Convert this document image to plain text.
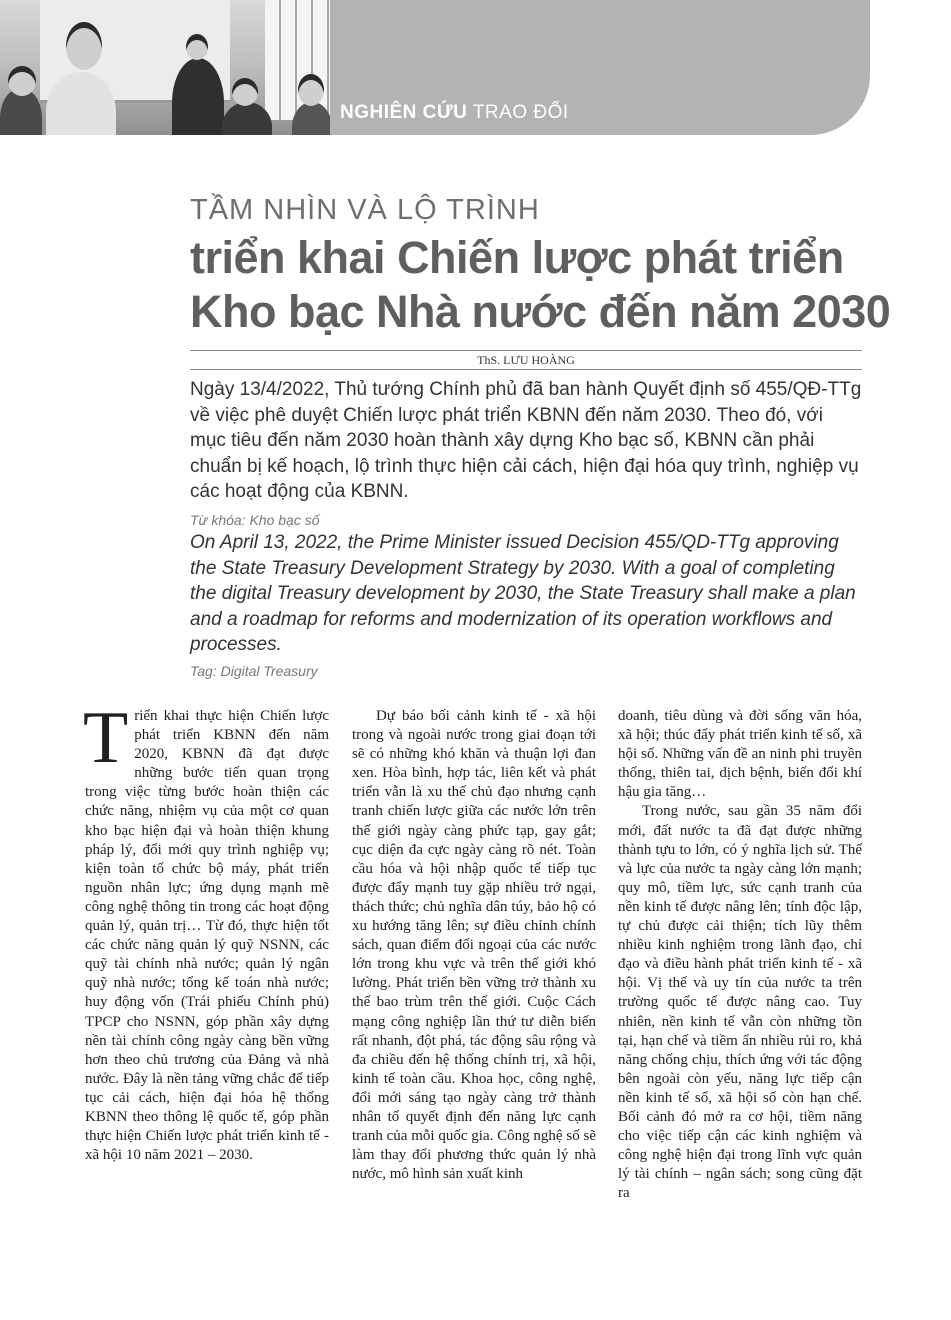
NGHIÊN CỨU TRAO ĐỔI
TẦM NHÌN VÀ LỘ TRÌNH
triển khai Chiến lược phát triển
Kho bạc Nhà nước đến năm 2030
ThS. LƯU HOÀNG

Ngày 13/4/2022, Thủ tướng Chính phủ đã ban hành Quyết định số 455/QĐ-TTg về việc phê duyệt Chiến lược phát triển KBNN đến năm 2030. Theo đó, với mục tiêu đến năm 2030 hoàn thành xây dựng Kho bạc số, KBNN cần phải chuẩn bị kế hoạch, lộ trình thực hiện cải cách, hiện đại hóa quy trình, nghiệp vụ các hoạt động của KBNN.

Từ khóa: Kho bạc số

On April 13, 2022, the Prime Minister issued Decision 455/QD-TTg approving the State Treasury Development Strategy by 2030. With a goal of completing the digital Treasury development by 2030, the State Treasury shall make a plan and a roadmap for reforms and modernization of its operation workflows and processes.

Tag: Digital Treasury

T riển khai thực hiện Chiến lược phát triển KBNN đến năm 2020, KBNN đã đạt được những bước tiến quan trọng trong việc từng bước hoàn thiện các chức năng, nhiệm vụ của một cơ quan kho bạc hiện đại và hoàn thiện khung pháp lý, đổi mới quy trình nghiệp vụ; kiện toàn tổ chức bộ máy, phát triển nguồn nhân lực; ứng dụng mạnh mẽ công nghệ thông tin trong các hoạt động quản lý, quản trị… Từ đó, thực hiện tốt các chức năng quản lý quỹ NSNN, các quỹ tài chính nhà nước; quản lý ngân quỹ nhà nước; tổng kế toán nhà nước; huy động vốn (Trái phiếu Chính phủ) TPCP cho NSNN, góp phần xây dựng nền tài chính công ngày càng bền vững hơn theo chủ trương của Đảng và nhà nước. Đây là nền tảng vững chắc để tiếp tục cải cách, hiện đại hóa hệ thống KBNN theo thông lệ quốc tế, góp phần thực hiện Chiến lược phát triển kinh tế - xã hội 10 năm 2021 – 2030.

Dự báo bối cảnh kinh tế - xã hội trong và ngoài nước trong giai đoạn tới sẽ có những khó khăn và thuận lợi đan xen. Hòa bình, hợp tác, liên kết và phát triển vẫn là xu thế chủ đạo nhưng cạnh tranh chiến lược giữa các nước lớn trên thế giới ngày càng phức tạp, gay gắt; cục diện đa cực ngày càng rõ nét. Toàn cầu hóa và hội nhập quốc tế tiếp tục được đẩy mạnh tuy gặp nhiều trở ngại, thách thức; chủ nghĩa dân túy, bảo hộ có xu hướng tăng lên; sự điều chỉnh chính sách, quan điểm đối ngoại của các nước lớn trong khu vực và trên thế giới khó lường. Phát triển bền vững trở thành xu thế bao trùm trên thế giới. Cuộc Cách mạng công nghiệp lần thứ tư diễn biến rất nhanh, đột phá, tác động sâu rộng và đa chiều đến hệ thống chính trị, xã hội, kinh tế toàn cầu. Khoa học, công nghệ, đổi mới sáng tạo ngày càng trở thành nhân tố quyết định đến năng lực cạnh tranh của mỗi quốc gia. Công nghệ số sẽ làm thay đổi phương thức quản lý nhà nước, mô hình sản xuất kinh

doanh, tiêu dùng và đời sống văn hóa, xã hội; thúc đẩy phát triển kinh tế số, xã hội số. Những vấn đề an ninh phi truyền thống, thiên tai, dịch bệnh, biến đổi khí hậu gia tăng…

Trong nước, sau gần 35 năm đổi mới, đất nước ta đã đạt được những thành tựu to lớn, có ý nghĩa lịch sử. Thế và lực của nước ta ngày càng lớn mạnh; quy mô, tiềm lực, sức cạnh tranh của nền kinh tế được nâng lên; tính độc lập, tự chủ được cải thiện; tích lũy thêm nhiều kinh nghiệm trong lãnh đạo, chỉ đạo và điều hành phát triển kinh tế - xã hội. Vị thế và uy tín của nước ta trên trường quốc tế được nâng cao. Tuy nhiên, nền kinh tế vẫn còn những tồn tại, hạn chế và tiềm ẩn nhiều rủi ro, khả năng chống chịu, thích ứng với tác động bên ngoài còn yếu, năng lực tiếp cận nền kinh tế số, xã hội số còn hạn chế. Bối cảnh đó mở ra cơ hội, tiềm năng cho việc tiếp cận các kinh nghiệm và công nghệ hiện đại trong lĩnh vực quản lý tài chính – ngân sách; song cũng đặt ra
